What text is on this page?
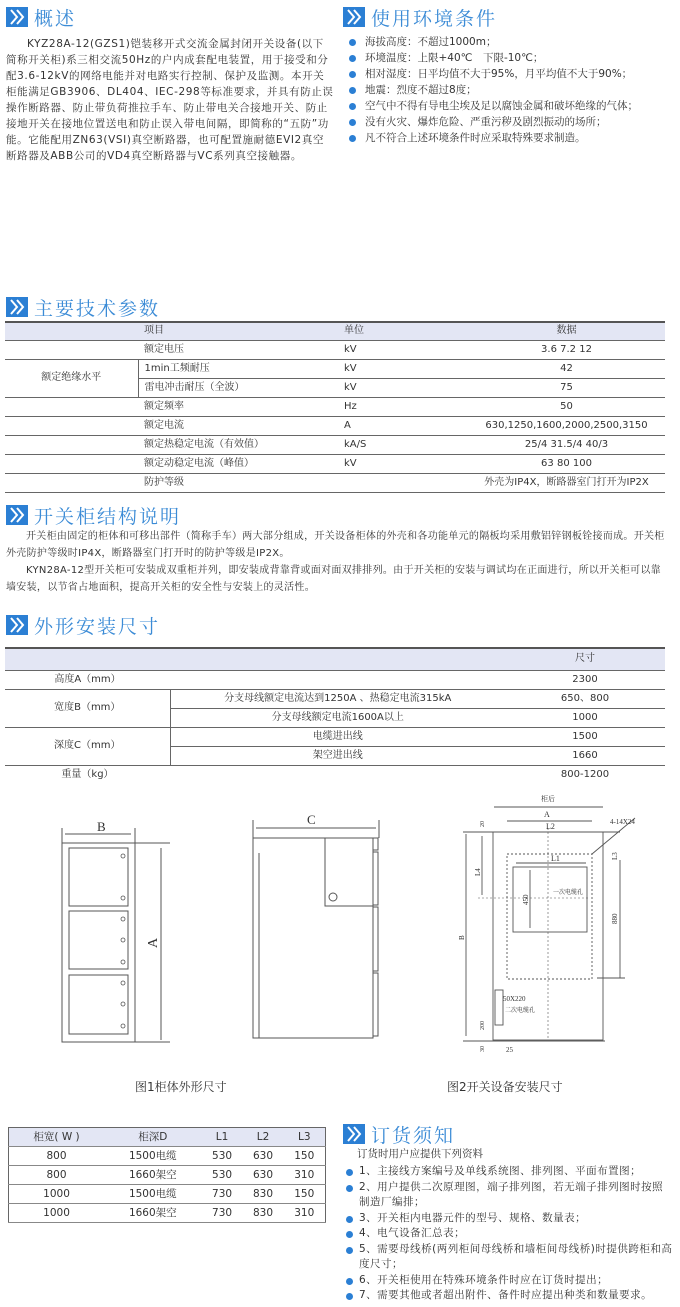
概述

KYZ28A-12(GZS1)铠装移开式交流金属封闭开关设备(以下简称开关柜)系三相交流50Hz的户内成套配电装置，用于接受和分配3.6-12kV的网络电能并对电路实行控制、保护及监测。本开关柜能满足GB3906、DL404、IEC-298等标准要求，并具有防止误操作断路器、防止带负荷推拉手车、防止带电关合接地开关、防止接地开关在接地位置送电和防止误入带电间隔，即简称的“五防”功能。它能配用ZN63(VSI)真空断路器，也可配置施耐德EVI2真空断路器及ABB公司的VD4真空断路器与VC系列真空接触器。

使用环境条件
海拔高度：不超过1000m；
环境温度：上限+40℃　下限-10℃；
相对湿度：日平均值不大于95%，月平均值不大于90%；
地震：烈度不超过8度；
空气中不得有导电尘埃及足以腐蚀金属和破坏绝缘的气体；
没有火灾、爆炸危险、严重污秽及剧烈振动的场所；
凡不符合上述环境条件时应采取特殊要求制造。
主要技术参数
	项目	单位	数据
	额定电压	kV	3.6 7.2 12
额定绝缘水平	1min工频耐压	kV	42
	雷电冲击耐压（全波）	kV	75
	额定频率	Hz	50
	额定电流	A	630,1250,1600,2000,2500,3150
	额定热稳定电流（有效值）	kA/S	25/4 31.5/4 40/3
	额定动稳定电流（峰值）	kV	63 80 100
	防护等级		外壳为IP4X，断路器室门打开为IP2X
开关柜结构说明

开关柜由固定的柜体和可移出部件（简称手车）两大部分组成，开关设备柜体的外壳和各功能单元的隔板均采用敷铝锌钢板铨接而成。开关柜外壳防护等级时IP4X，断路器室门打开时的防护等级是IP2X。

KYN28A-12型开关柜可安装成双重柜并列，即安装成背靠背或面对面双排排列。由于开关柜的安装与调试均在正面进行，所以开关柜可以靠墙安装，以节省占地面积，提高开关柜的安全性与安装上的灵活性。

外形安装尺寸
		尺寸
高度A（mm）		2300
宽度B（mm）	分支母线额定电流达到1250A 、热稳定电流315kA	650、800
	分支母线额定电流1600A以上	1000
深度C（mm）	电缆进出线	1500
	架空进出线	1660
重量（kg）		800-1200
B
A
C
柜后
A
L2
L1
4-14X24
一次电缆孔
450
880
L3
L4
B
20
200
30	25
50X220
二次电缆孔
图1柜体外形尺寸	图2开关设备安装尺寸
柜宽( W )	柜深D	L1	L2	L3
800	1500电缆	530	630	150
800	1660架空	530	630	310
1000	1500电缆	730	830	150
1000	1660架空	730	830	310
订货须知
订货时用户应提供下列资料
1、主接线方案编号及单线系统图、排列图、平面布置图；
2、用户提供二次原理图，端子排列图，若无端子排列图时按照制造厂编排；
3、开关柜内电器元件的型号、规格、数量表；
4、电气设备汇总表；
5、需要母线桥(两列柜间母线桥和墙柜间母线桥)时提供跨柜和高度尺寸；
6、开关柜使用在特殊环境条件时应在订货时提出；
7、需要其他或者超出附件、备件时应提出种类和数量要求。
